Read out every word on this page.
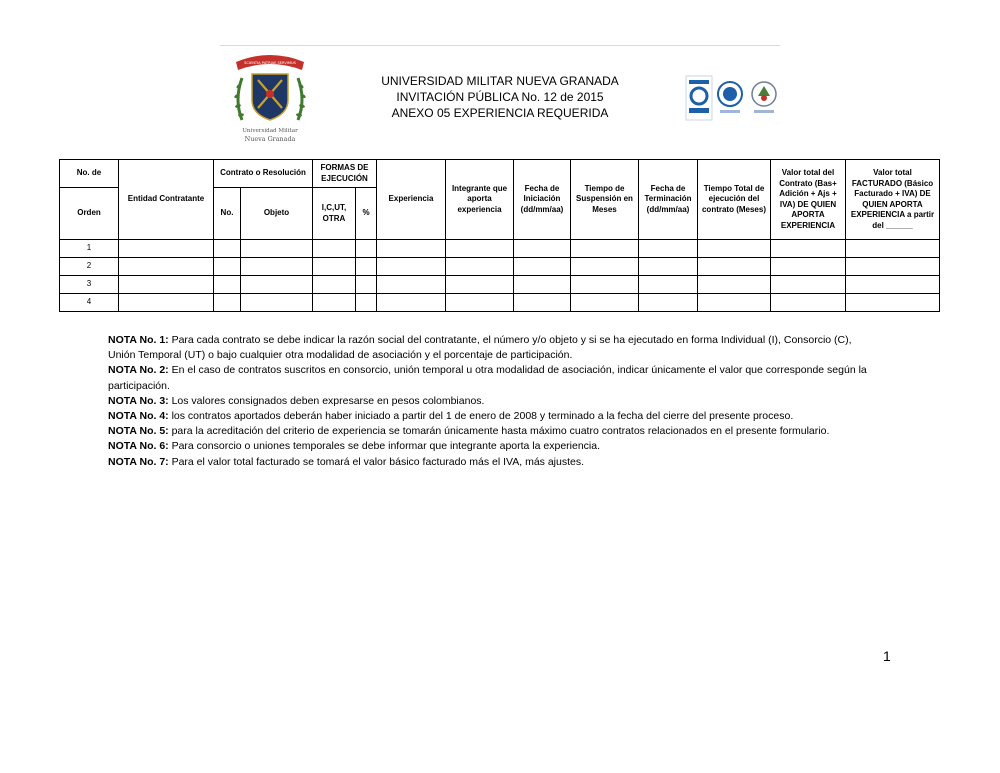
SCIENTIA PATRIAE SERVIMUS
Universidad Militar
Nueva Granada
UNIVERSIDAD MILITAR NUEVA GRANADA
INVITACIÓN PÚBLICA No. 12 de 2015
ANEXO 05 EXPERIENCIA REQUERIDA
No. de	Entidad Contratante	Contrato o Resolución		FORMAS DE EJECUCIÓN		Experiencia	Integrante que aporta experiencia	Fecha de Iniciación (dd/mm/aa)	Tiempo de Suspensión en Meses	Fecha de Terminación (dd/mm/aa)	Tiempo Total de ejecución del contrato (Meses)	Valor total del Contrato (Bas+ Adición + Ajs + IVA) DE QUIEN APORTA EXPERIENCIA	Valor total FACTURADO (Básico Facturado + IVA) DE QUIEN APORTA EXPERIENCIA a partir del ______
Orden		No.	Objeto	I,C,UT, OTRA	%								
1													
2													
3													
4													

NOTA No. 1: Para cada contrato se debe indicar la razón social del contratante, el número y/o objeto y si se ha ejecutado en forma Individual (I), Consorcio (C), Unión Temporal (UT) o bajo cualquier otra modalidad de asociación y el porcentaje de participación.

NOTA No. 2: En el caso de contratos suscritos en consorcio, unión temporal u otra modalidad de asociación, indicar únicamente el valor que corresponde según la participación.

NOTA No. 3: Los valores consignados deben expresarse en pesos colombianos.

NOTA No. 4: los contratos aportados deberán haber iniciado a partir del 1 de enero de 2008 y terminado a la fecha del cierre del presente proceso.

NOTA No. 5: para la acreditación del criterio de experiencia se tomarán únicamente hasta máximo cuatro contratos relacionados en el presente formulario.

NOTA No. 6: Para consorcio o uniones temporales se debe informar que integrante aporta la experiencia.

NOTA No. 7: Para el valor total facturado se tomará el valor básico facturado más el IVA, más ajustes.

1
